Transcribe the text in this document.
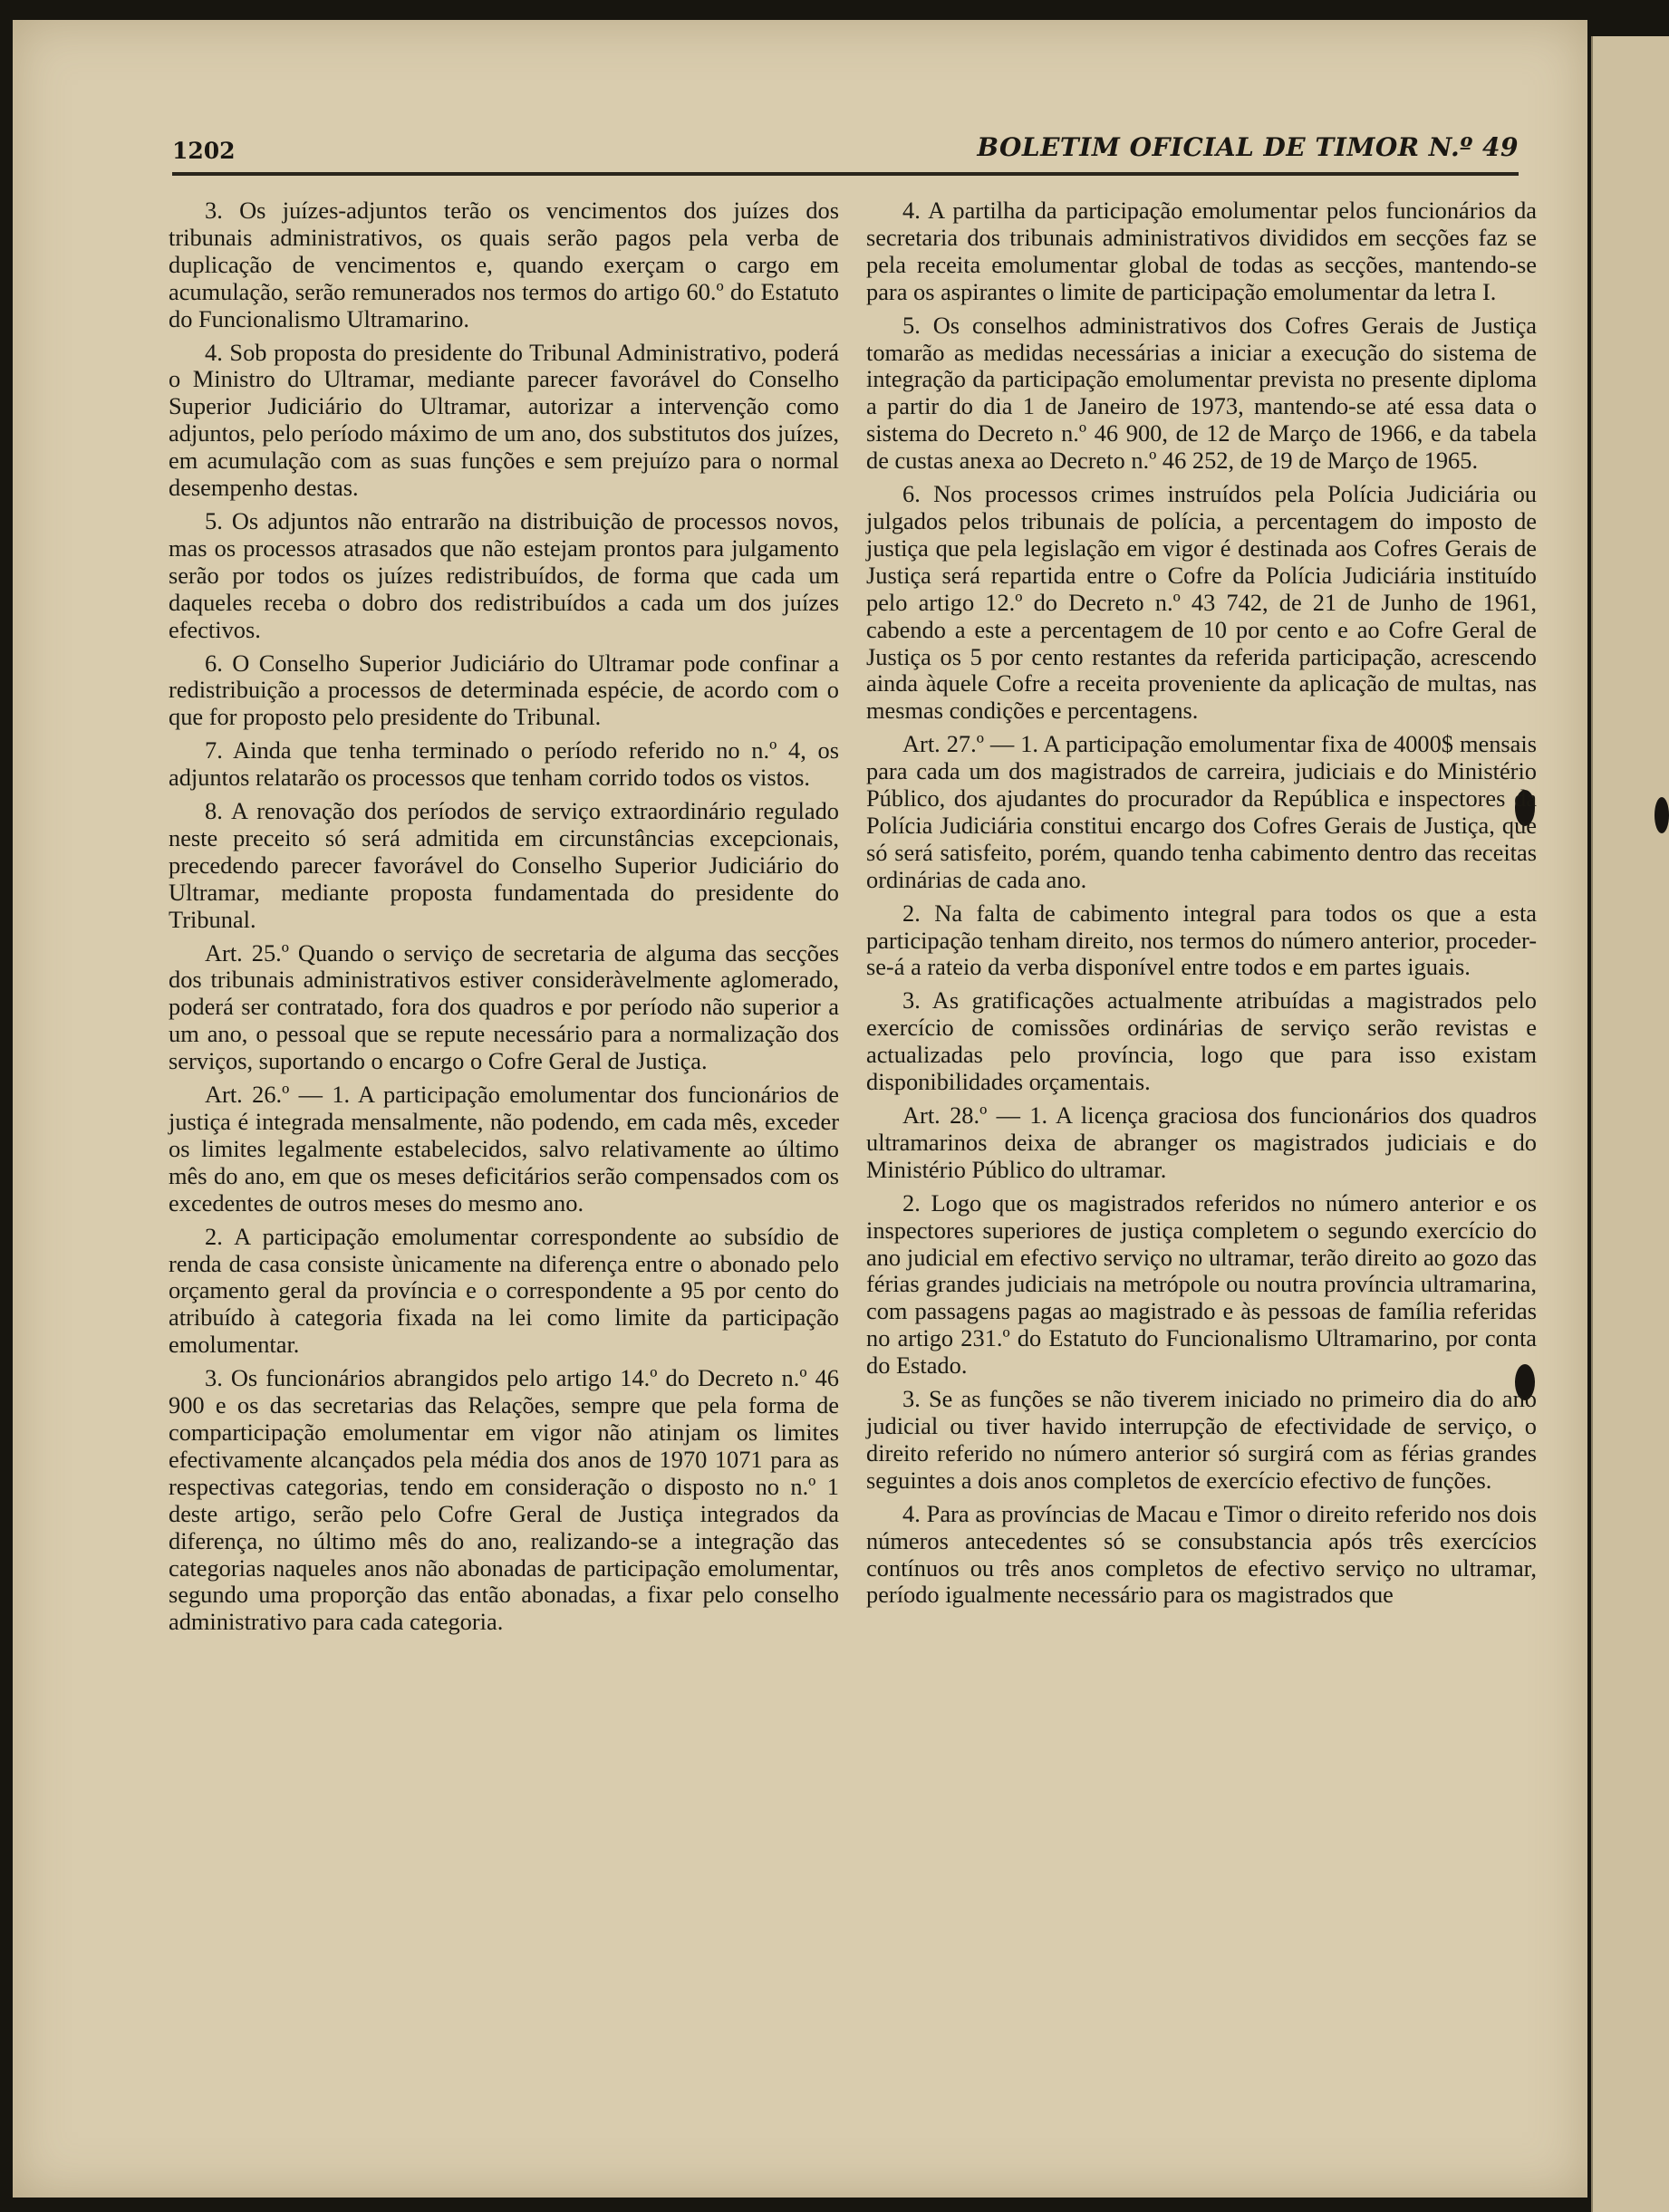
1202	BOLETIM OFICIAL DE TIMOR N.º 49

3. Os juízes-adjuntos terão os vencimentos dos juízes dos tribunais administrativos, os quais serão pagos pela verba de duplicação de vencimentos e, quando exerçam o cargo em acumulação, serão remunerados nos termos do artigo 60.º do Estatuto do Funcionalismo Ultramarino.

4. Sob proposta do presidente do Tribunal Administrativo, poderá o Ministro do Ultramar, mediante parecer favorável do Conselho Superior Judiciário do Ultramar, autorizar a intervenção como adjuntos, pelo período máximo de um ano, dos substitutos dos juízes, em acumulação com as suas funções e sem prejuízo para o normal desempenho destas.

5. Os adjuntos não entrarão na distribuição de processos novos, mas os processos atrasados que não estejam prontos para julgamento serão por todos os juízes redistribuídos, de forma que cada um daqueles receba o dobro dos redistribuídos a cada um dos juízes efectivos.

6. O Conselho Superior Judiciário do Ultramar pode confinar a redistribuição a processos de determinada espécie, de acordo com o que for proposto pelo presidente do Tribunal.

7. Ainda que tenha terminado o período referido no n.º 4, os adjuntos relatarão os processos que tenham corrido todos os vistos.

8. A renovação dos períodos de serviço extraordinário regulado neste preceito só será admitida em circunstâncias excepcionais, precedendo parecer favorável do Conselho Superior Judiciário do Ultramar, mediante proposta fundamentada do presidente do Tribunal.

Art. 25.º Quando o serviço de secretaria de alguma das secções dos tribunais administrativos estiver consideràvelmente aglomerado, poderá ser contratado, fora dos quadros e por período não superior a um ano, o pessoal que se repute necessário para a normalização dos serviços, suportando o encargo o Cofre Geral de Justiça.

Art. 26.º — 1. A participação emolumentar dos funcionários de justiça é integrada mensalmente, não podendo, em cada mês, exceder os limites legalmente estabelecidos, salvo relativamente ao último mês do ano, em que os meses deficitários serão compensados com os excedentes de outros meses do mesmo ano.

2. A participação emolumentar correspondente ao subsídio de renda de casa consiste ùnicamente na diferença entre o abonado pelo orçamento geral da província e o correspondente a 95 por cento do atribuído à categoria fixada na lei como limite da participação emolumentar.

3. Os funcionários abrangidos pelo artigo 14.º do Decreto n.º 46 900 e os das secretarias das Relações, sempre que pela forma de comparticipação emolumentar em vigor não atinjam os limites efectivamente alcançados pela média dos anos de 1970 1071 para as respectivas categorias, tendo em consideração o disposto no n.º 1 deste artigo, serão pelo Cofre Geral de Justiça integrados da diferença, no último mês do ano, realizando-se a integração das categorias naqueles anos não abonadas de participação emolumentar, segundo uma proporção das então abonadas, a fixar pelo conselho administrativo para cada categoria.

4. A partilha da participação emolumentar pelos funcionários da secretaria dos tribunais administrativos divididos em secções faz se pela receita emolumentar global de todas as secções, mantendo-se para os aspirantes o limite de participação emolumentar da letra I.

5. Os conselhos administrativos dos Cofres Gerais de Justiça tomarão as medidas necessárias a iniciar a execução do sistema de integração da participação emolumentar prevista no presente diploma a partir do dia 1 de Janeiro de 1973, mantendo-se até essa data o sistema do Decreto n.º 46 900, de 12 de Março de 1966, e da tabela de custas anexa ao Decreto n.º 46 252, de 19 de Março de 1965.

6. Nos processos crimes instruídos pela Polícia Judiciária ou julgados pelos tribunais de polícia, a percentagem do imposto de justiça que pela legislação em vigor é destinada aos Cofres Gerais de Justiça será repartida entre o Cofre da Polícia Judiciária instituído pelo artigo 12.º do Decreto n.º 43 742, de 21 de Junho de 1961, cabendo a este a percentagem de 10 por cento e ao Cofre Geral de Justiça os 5 por cento restantes da referida participação, acrescendo ainda àquele Cofre a receita proveniente da aplicação de multas, nas mesmas condições e percentagens.

Art. 27.º — 1. A participação emolumentar fixa de 4000$ mensais para cada um dos magistrados de carreira, judiciais e do Ministério Público, dos ajudantes do procurador da República e inspectores da Polícia Judiciária constitui encargo dos Cofres Gerais de Justiça, que só será satisfeito, porém, quando tenha cabimento dentro das receitas ordinárias de cada ano.

2. Na falta de cabimento integral para todos os que a esta participação tenham direito, nos termos do número anterior, proceder-se-á a rateio da verba disponível entre todos e em partes iguais.

3. As gratificações actualmente atribuídas a magistrados pelo exercício de comissões ordinárias de serviço serão revistas e actualizadas pelo província, logo que para isso existam disponibilidades orçamentais.

Art. 28.º — 1. A licença graciosa dos funcionários dos quadros ultramarinos deixa de abranger os magistrados judiciais e do Ministério Público do ultramar.

2. Logo que os magistrados referidos no número anterior e os inspectores superiores de justiça completem o segundo exercício do ano judicial em efectivo serviço no ultramar, terão direito ao gozo das férias grandes judiciais na metrópole ou noutra província ultramarina, com passagens pagas ao magistrado e às pessoas de família referidas no artigo 231.º do Estatuto do Funcionalismo Ultramarino, por conta do Estado.

3. Se as funções se não tiverem iniciado no primeiro dia do ano judicial ou tiver havido interrupção de efectividade de serviço, o direito referido no número anterior só surgirá com as férias grandes seguintes a dois anos completos de exercício efectivo de funções.

4. Para as províncias de Macau e Timor o direito referido nos dois números antecedentes só se consubstancia após três exercícios contínuos ou três anos completos de efectivo serviço no ultramar, período igualmente necessário para os magistrados que
